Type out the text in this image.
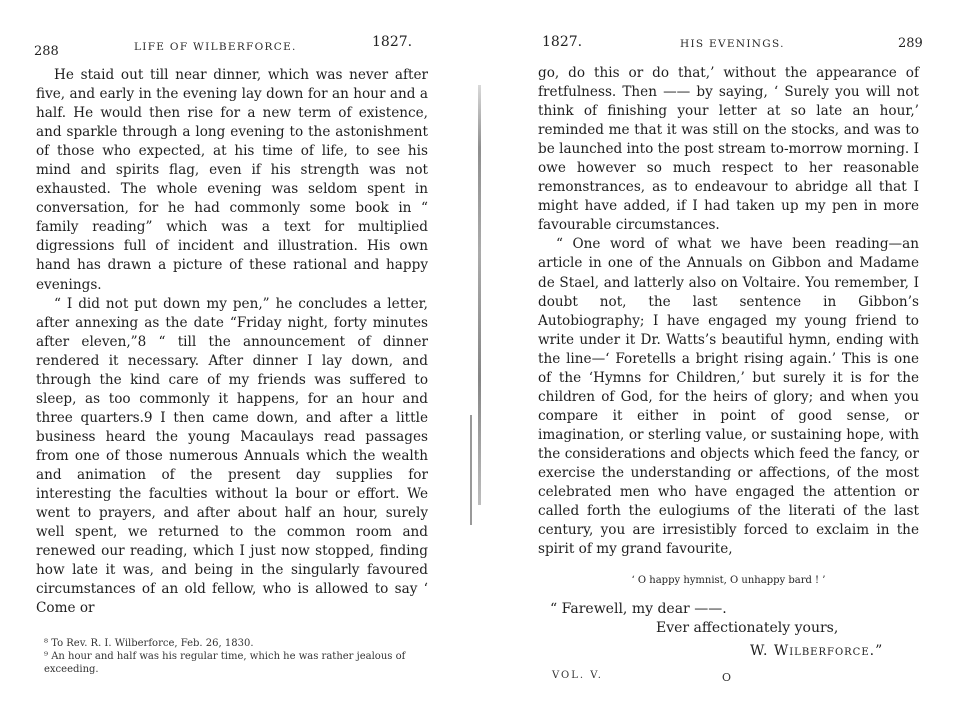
288	LIFE OF WILBERFORCE.	1827.

He staid out till near dinner, which was never after five, and early in the evening lay down for an hour and a half. He would then rise for a new term of existence, and sparkle through a long evening to the astonishment of those who expected, at his time of life, to see his mind and spirits flag, even if his strength was not exhausted. The whole evening was seldom spent in conversation, for he had commonly some book in “ family reading” which was a text for multiplied digressions full of incident and illustration. His own hand has drawn a picture of these rational and happy evenings.

“ I did not put down my pen,” he concludes a letter, after annexing as the date “Friday night, forty minutes after eleven,”8 “ till the announcement of dinner rendered it necessary. After dinner I lay down, and through the kind care of my friends was suffered to sleep, as too commonly it happens, for an hour and three quarters.9 I then came down, and after a little business heard the young Macaulays read passages from one of those numerous Annuals which the wealth and animation of the present day supplies for interesting the faculties without la bour or effort. We went to prayers, and after about half an hour, surely well spent, we returned to the common room and renewed our reading, which I just now stopped, finding how late it was, and being in the singularly favoured circumstances of an old fellow, who is allowed to say ‘ Come or

⁸ To Rev. R. I. Wilberforce, Feb. 26, 1830.
⁹ An hour and half was his regular time, which he was rather jealous of exceeding.
1827.	HIS EVENINGS.	289

go, do this or do that,’ without the appearance of fretfulness. Then —— by saying, ‘ Surely you will not think of finishing your letter at so late an hour,’ reminded me that it was still on the stocks, and was to be launched into the post stream to-morrow morning. I owe however so much respect to her reasonable remonstrances, as to endeavour to abridge all that I might have added, if I had taken up my pen in more favourable circumstances.

“ One word of what we have been reading—an article in one of the Annuals on Gibbon and Madame de Stael, and latterly also on Voltaire. You remember, I doubt not, the last sentence in Gibbon’s Autobiography; I have engaged my young friend to write under it Dr. Watts’s beautiful hymn, ending with the line—‘ Foretells a bright rising again.’ This is one of the ‘Hymns for Children,’ but surely it is for the children of God, for the heirs of glory; and when you compare it either in point of good sense, or imagination, or sterling value, or sustaining hope, with the considerations and objects which feed the fancy, or exercise the understanding or affections, of the most celebrated men who have engaged the attention or called forth the eulogiums of the literati of the last century, you are irresistibly forced to exclaim in the spirit of my grand favourite,

‘ O happy hymnist, O unhappy bard ! ’
“ Farewell, my dear ——.
Ever affectionately yours,
W. Wilberforce.”
VOL. V.	O
